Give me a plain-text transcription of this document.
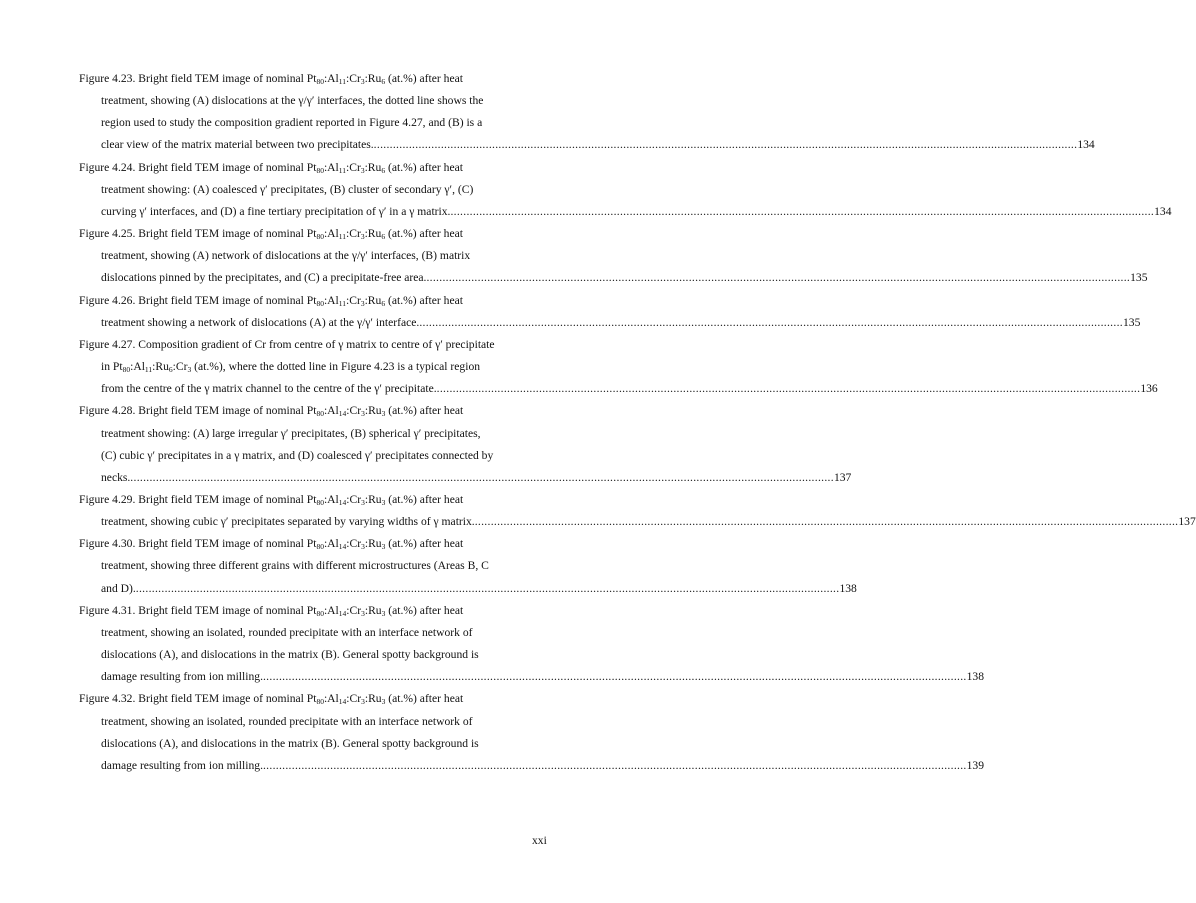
Figure 4.23. Bright field TEM image of nominal $Pt_{80}:Al_{11}:Cr_3:Ru_6$ (at.%) after heat
treatment, showing (A) dislocations at the γ/γ′ interfaces, the dotted line shows the
region used to study the composition gradient reported in Figure 4.27, and (B) is a
clear view of the matrix material between two precipitates. ............................................................................................................................................................................................................................ 134
Figure 4.24. Bright field TEM image of nominal $Pt_{80}:Al_{11}:Cr_3:Ru_6$ (at.%) after heat
treatment showing: (A) coalesced γ′ precipitates, (B) cluster of secondary γ′, (C)
curving γ′ interfaces, and (D) a fine tertiary precipitation of γ′ in a γ matrix. ............................................................................................................................................................................................................................ 134
Figure 4.25. Bright field TEM image of nominal $Pt_{80}:Al_{11}:Cr_3:Ru_6$ (at.%) after heat
treatment, showing (A) network of dislocations at the γ/γ′ interfaces, (B) matrix
dislocations pinned by the precipitates, and (C) a precipitate-free area. ............................................................................................................................................................................................................................ 135
Figure 4.26. Bright field TEM image of nominal $Pt_{80}:Al_{11}:Cr_3:Ru_6$ (at.%) after heat
treatment showing a network of dislocations (A) at the γ/γ′ interface. ............................................................................................................................................................................................................................ 135
Figure 4.27. Composition gradient of Cr from centre of γ matrix to centre of γ′ precipitate
in $Pt_{80}:Al_{11}:Ru_6:Cr_3$ (at.%), where the dotted line in Figure 4.23 is a typical region
from the centre of the γ matrix channel to the centre of the γ′ precipitate. ............................................................................................................................................................................................................................ 136
Figure 4.28. Bright field TEM image of nominal $Pt_{80}:Al_{14}:Cr_3:Ru_3$ (at.%) after heat
treatment showing: (A) large irregular γ′ precipitates, (B) spherical γ′ precipitates,
(C) cubic γ′ precipitates in a γ matrix, and (D) coalesced γ′ precipitates connected by
necks. ............................................................................................................................................................................................................................ 137
Figure 4.29. Bright field TEM image of nominal $Pt_{80}:Al_{14}:Cr_3:Ru_3$ (at.%) after heat
treatment, showing cubic γ′ precipitates separated by varying widths of γ matrix. ............................................................................................................................................................................................................................ 137
Figure 4.30. Bright field TEM image of nominal $Pt_{80}:Al_{14}:Cr_3:Ru_3$ (at.%) after heat
treatment, showing three different grains with different microstructures (Areas B, C
and D). ............................................................................................................................................................................................................................ 138
Figure 4.31. Bright field TEM image of nominal $Pt_{80}:Al_{14}:Cr_3:Ru_3$ (at.%) after heat
treatment, showing an isolated, rounded precipitate with an interface network of
dislocations (A), and dislocations in the matrix (B). General spotty background is
damage resulting from ion milling. ............................................................................................................................................................................................................................ 138
Figure 4.32. Bright field TEM image of nominal $Pt_{80}:Al_{14}:Cr_3:Ru_3$ (at.%) after heat
treatment, showing an isolated, rounded precipitate with an interface network of
dislocations (A), and dislocations in the matrix (B). General spotty background is
damage resulting from ion milling. ............................................................................................................................................................................................................................ 139
xxi
